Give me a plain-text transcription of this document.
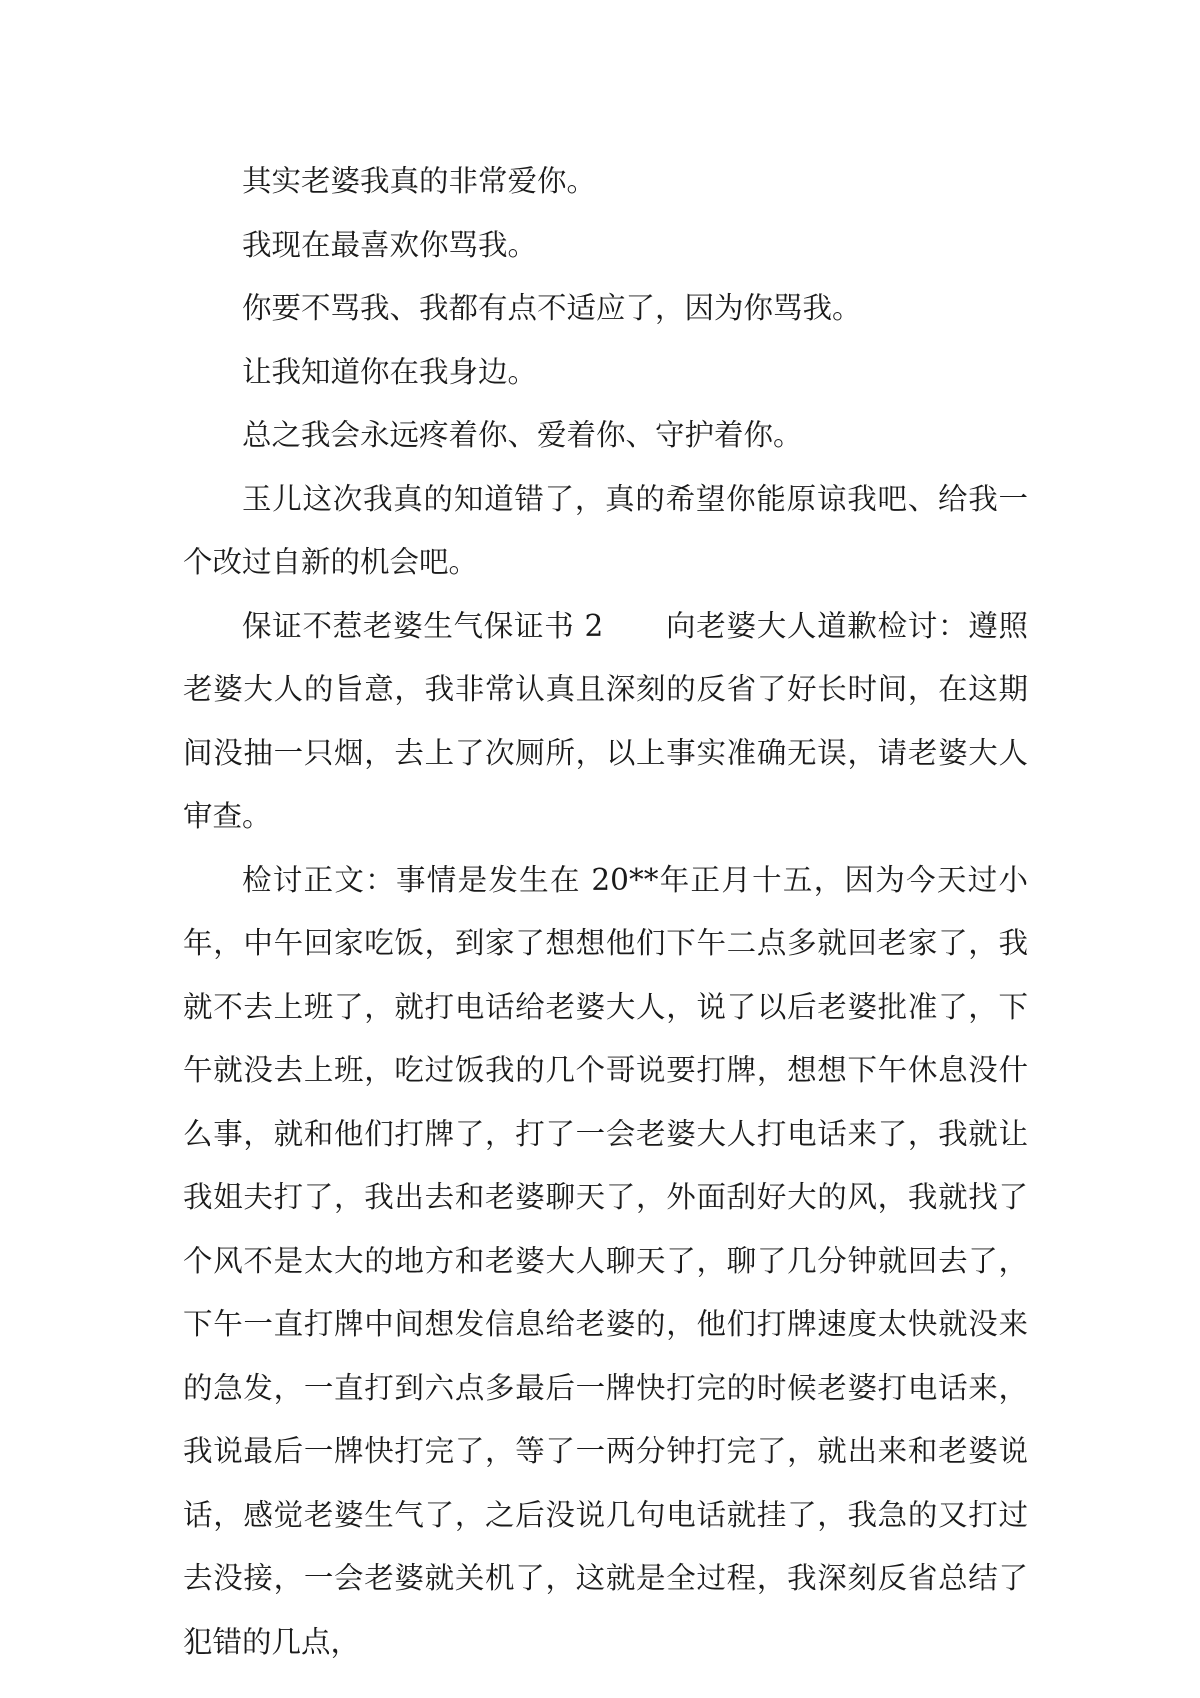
其实老婆我真的非常爱你。

我现在最喜欢你骂我。

你要不骂我、我都有点不适应了，因为你骂我。

让我知道你在我身边。

总之我会永远疼着你、爱着你、守护着你。

玉儿这次我真的知道错了，真的希望你能原谅我吧、给我一个改过自新的机会吧。

保证不惹老婆生气保证书 2 向老婆大人道歉检讨：遵照老婆大人的旨意，我非常认真且深刻的反省了好长时间，在这期间没抽一只烟，去上了次厕所，以上事实准确无误，请老婆大人审查。

检讨正文：事情是发生在 20**年正月十五，因为今天过小年，中午回家吃饭，到家了想想他们下午二点多就回老家了，我就不去上班了，就打电话给老婆大人，说了以后老婆批准了，下午就没去上班，吃过饭我的几个哥说要打牌，想想下午休息没什么事，就和他们打牌了，打了一会老婆大人打电话来了，我就让我姐夫打了，我出去和老婆聊天了，外面刮好大的风，我就找了个风不是太大的地方和老婆大人聊天了，聊了几分钟就回去了，下午一直打牌中间想发信息给老婆的，他们打牌速度太快就没来的急发，一直打到六点多最后一牌快打完的时候老婆打电话来，我说最后一牌快打完了，等了一两分钟打完了，就出来和老婆说话，感觉老婆生气了，之后没说几句电话就挂了，我急的又打过去没接，一会老婆就关机了，这就是全过程，我深刻反省总结了犯错的几点，
